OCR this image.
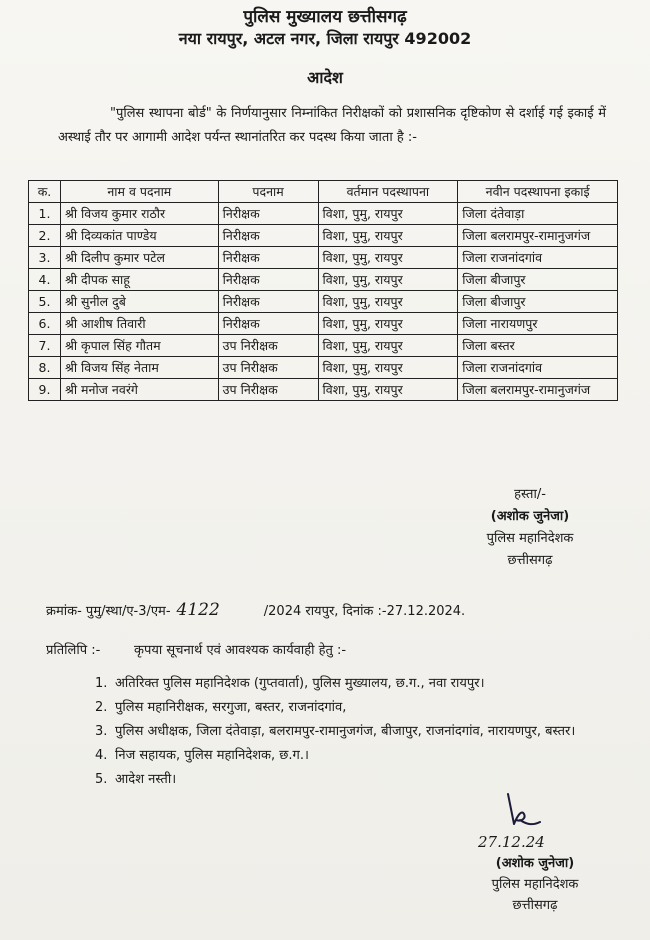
पुलिस मुख्यालय छत्तीसगढ़
नया रायपुर, अटल नगर, जिला रायपुर 492002
आदेश
"पुलिस स्थापना बोर्ड" के निर्णयानुसार निम्नांकित निरीक्षकों को प्रशासनिक दृष्टिकोण से दर्शाई गई इकाई में अस्थाई तौर पर आगामी आदेश पर्यन्त स्थानांतरित कर पदस्थ किया जाता है :-
क.	नाम व पदनाम	पदनाम	वर्तमान पदस्थापना	नवीन पदस्थापना इकाई
1.	श्री विजय कुमार राठौर	निरीक्षक	विशा, पुमु, रायपुर	जिला दंतेवाड़ा
2.	श्री दिव्यकांत पाण्डेय	निरीक्षक	विशा, पुमु, रायपुर	जिला बलरामपुर-रामानुजगंज
3.	श्री दिलीप कुमार पटेल	निरीक्षक	विशा, पुमु, रायपुर	जिला राजनांदगांव
4.	श्री दीपक साहू	निरीक्षक	विशा, पुमु, रायपुर	जिला बीजापुर
5.	श्री सुनील दुबे	निरीक्षक	विशा, पुमु, रायपुर	जिला बीजापुर
6.	श्री आशीष तिवारी	निरीक्षक	विशा, पुमु, रायपुर	जिला नारायणपुर
7.	श्री कृपाल सिंह गौतम	उप निरीक्षक	विशा, पुमु, रायपुर	जिला बस्तर
8.	श्री विजय सिंह नेताम	उप निरीक्षक	विशा, पुमु, रायपुर	जिला राजनांदगांव
9.	श्री मनोज नवरंगे	उप निरीक्षक	विशा, पुमु, रायपुर	जिला बलरामपुर-रामानुजगंज
हस्ता/-
(अशोक जुनेजा)
पुलिस महानिदेशक
छत्तीसगढ़
क्रमांक- पुमु/स्था/ए-3/एम- 4122	/2024 रायपुर, दिनांक :-27.12.2024.
प्रतिलिपि :-	कृपया सूचनार्थ एवं आवश्यक कार्यवाही हेतु :-
1. अतिरिक्त पुलिस महानिदेशक (गुप्तवार्ता), पुलिस मुख्यालय, छ.ग., नवा रायपुर।
2. पुलिस महानिरीक्षक, सरगुजा, बस्तर, राजनांदगांव,
3. पुलिस अधीक्षक, जिला दंतेवाड़ा, बलरामपुर-रामानुजगंज, बीजापुर, राजनांदगांव, नारायणपुर, बस्तर।
4. निज सहायक, पुलिस महानिदेशक, छ.ग.।
5. आदेश नस्ती।
27.12.24
(अशोक जुनेजा)
पुलिस महानिदेशक
छत्तीसगढ़
